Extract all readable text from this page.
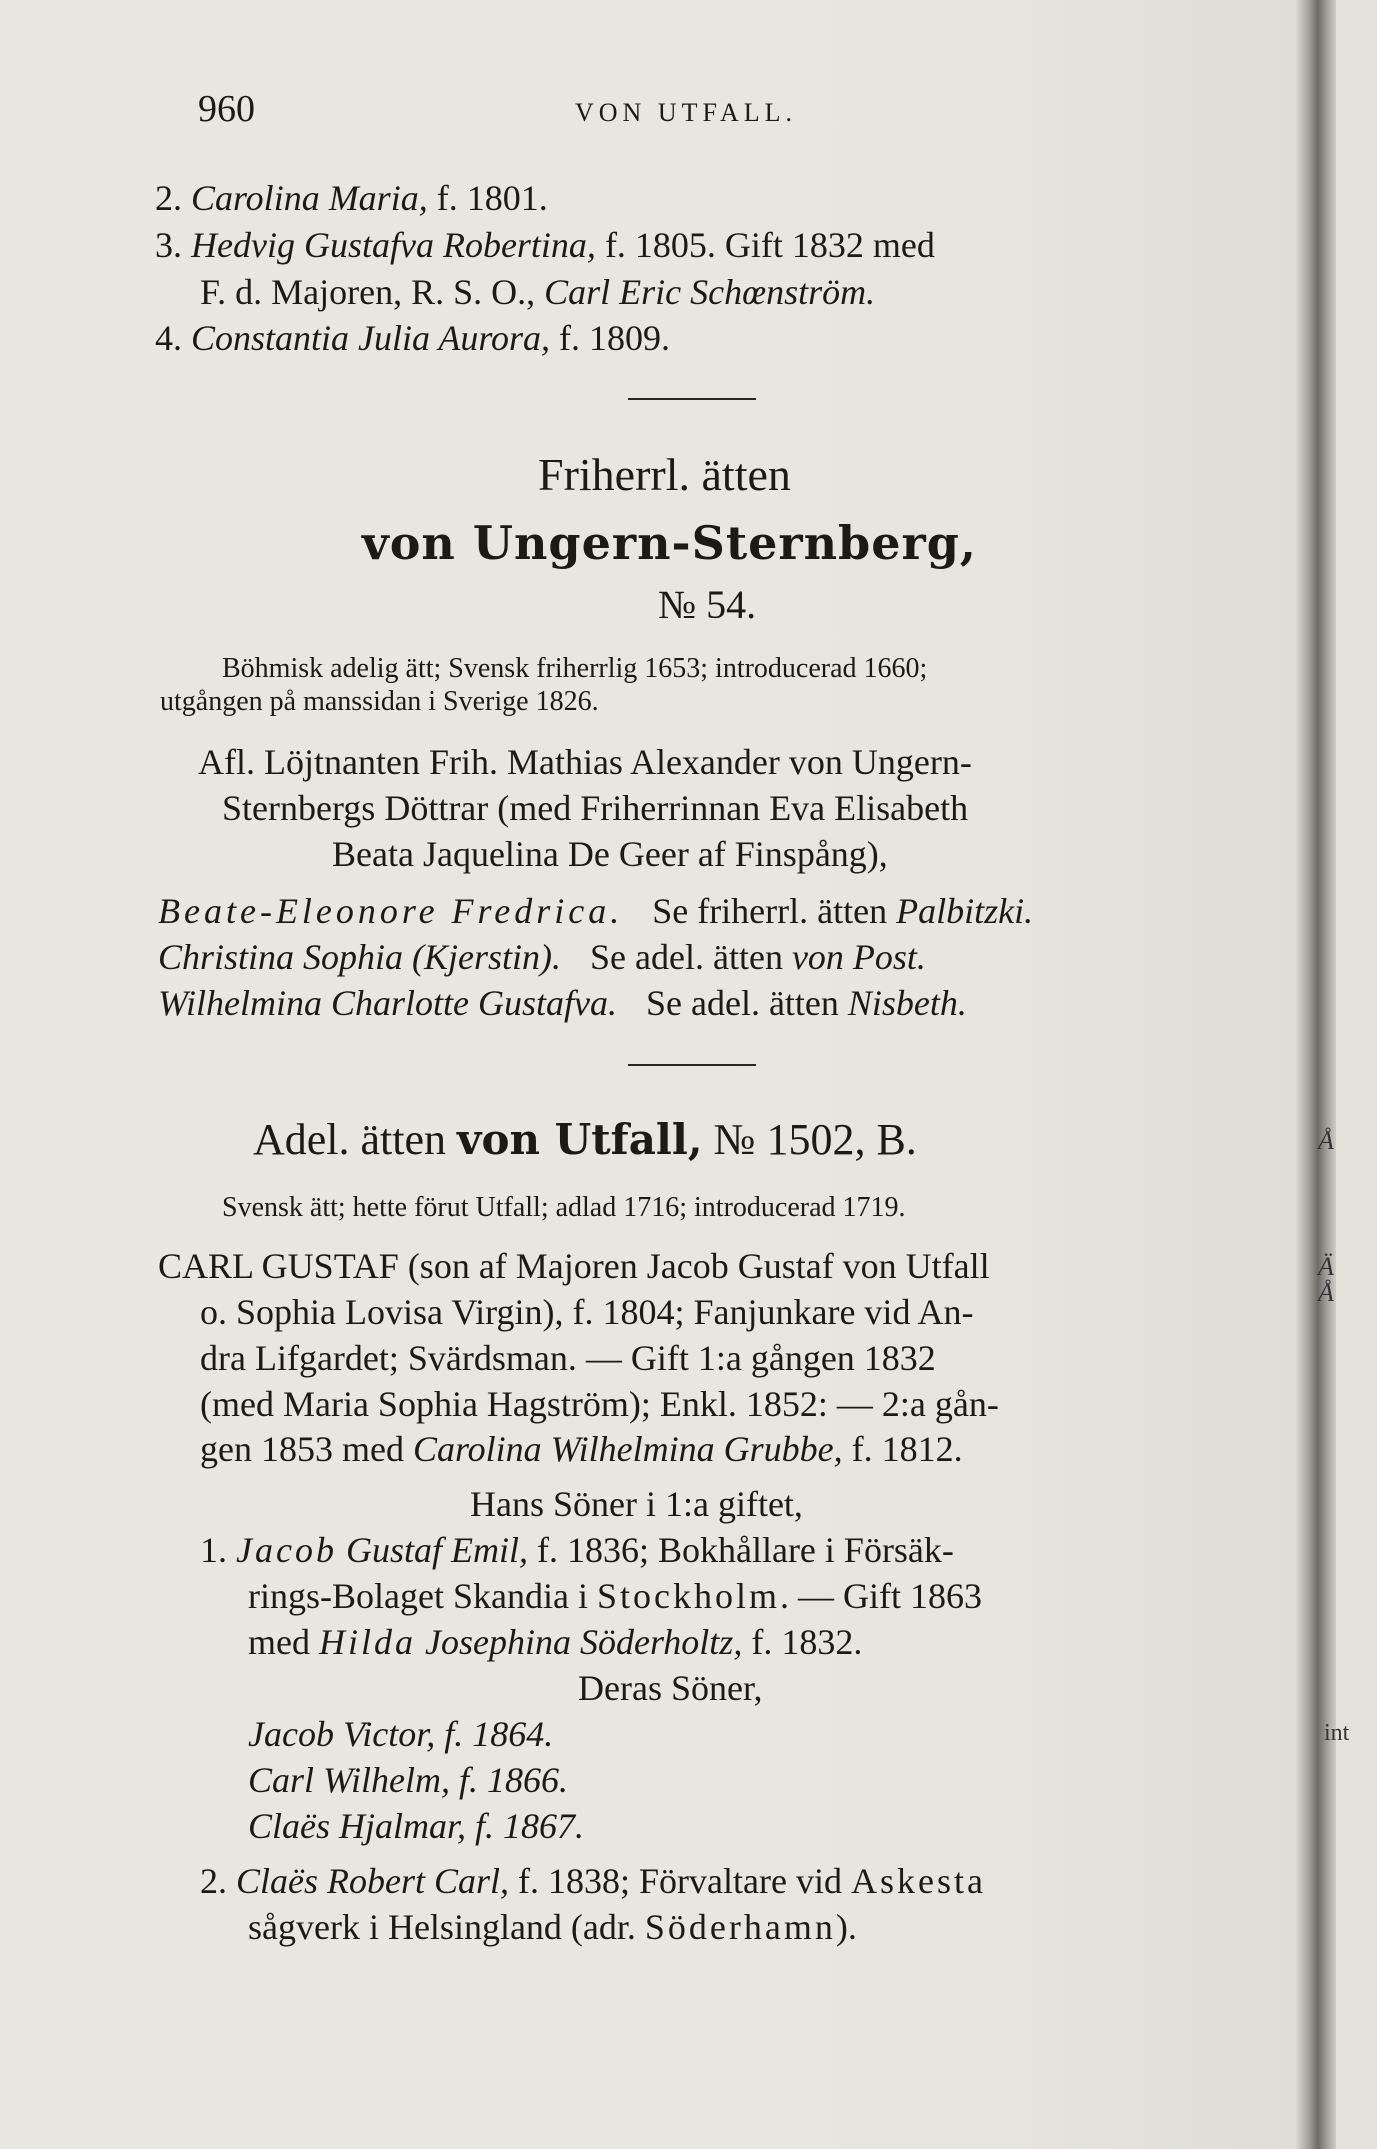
960	VON UTFALL.
2. Carolina Maria, f. 1801.
3. Hedvig Gustafva Robertina, f. 1805. Gift 1832 med
F. d. Majoren, R. S. O., Carl Eric Schœnström.
4. Constantia Julia Aurora, f. 1809.
Friherrl. ätten
von Ungern-Sternberg,
№ 54.
Böhmisk adelig ätt; Svensk friherrlig 1653; introducerad 1660;
utgången på manssidan i Sverige 1826.
Afl. Löjtnanten Frih. Mathias Alexander von Ungern-
Sternbergs Döttrar (med Friherrinnan Eva Elisabeth
Beata Jaquelina De Geer af Finspång),
Beate-Eleonore Fredrica. Se friherrl. ätten Palbitzki.
Christina Sophia (Kjerstin). Se adel. ätten von Post.
Wilhelmina Charlotte Gustafva. Se adel. ätten Nisbeth.
Adel. ätten von Utfall, № 1502, B.
Svensk ätt; hette förut Utfall; adlad 1716; introducerad 1719.
CARL GUSTAF (son af Majoren Jacob Gustaf von Utfall
o. Sophia Lovisa Virgin), f. 1804; Fanjunkare vid An-
dra Lifgardet; Svärdsman. — Gift 1:a gången 1832
(med Maria Sophia Hagström); Enkl. 1852: — 2:a gån-
gen 1853 med Carolina Wilhelmina Grubbe, f. 1812.
Hans Söner i 1:a giftet,
1. Jacob Gustaf Emil, f. 1836; Bokhållare i Försäk-
rings-Bolaget Skandia i Stockholm. — Gift 1863
med Hilda Josephina Söderholtz, f. 1832.
Deras Söner,
Jacob Victor, f. 1864.
Carl Wilhelm, f. 1866.
Claës Hjalmar, f. 1867.
2. Claës Robert Carl, f. 1838; Förvaltare vid Askesta
sågverk i Helsingland (adr. Söderhamn).
Å
Ä
Å
int
